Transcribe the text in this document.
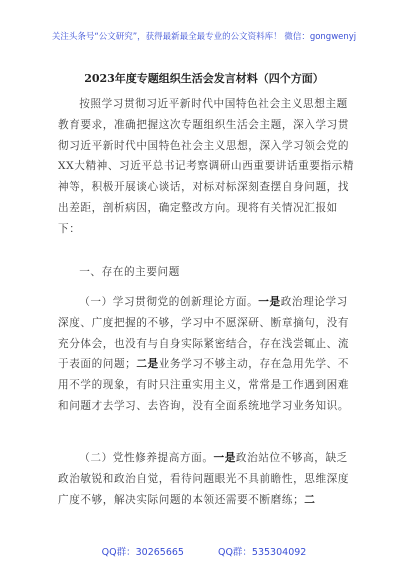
关注头条号“公文研究”，获得最新最全最专业的公文资料库！ 微信：gongwenyj
2023年度专题组织生活会发言材料（四个方面）
按照学习贯彻习近平新时代中国特色社会主义思想主题教育要求，准确把握这次专题组织生活会主题，深入学习贯彻习近平新时代中国特色社会主义思想，深入学习领会党的XX大精神、习近平总书记考察调研山西重要讲话重要指示精神等，积极开展谈心谈话，对标对标深刻查摆自身问题，找出差距，剖析病因，确定整改方向。现将有关情况汇报如下：
一、存在的主要问题
（一）学习贯彻党的创新理论方面。一是政治理论学习深度、广度把握的不够，学习中不愿深研、断章摘句，没有充分体会，也没有与自身实际紧密结合，存在浅尝辄止、流于表面的问题；二是业务学习不够主动，存在急用先学、不用不学的现象，有时只注重实用主义，常常是工作遇到困难和问题才去学习、去咨询，没有全面系统地学习业务知识。
（二）党性修养提高方面。一是政治站位不够高，缺乏政治敏锐和政治自觉，看待问题眼光不具前瞻性，思维深度广度不够，解决实际问题的本领还需要不断磨练；二
QQ群：30265665	QQ群：535304092
